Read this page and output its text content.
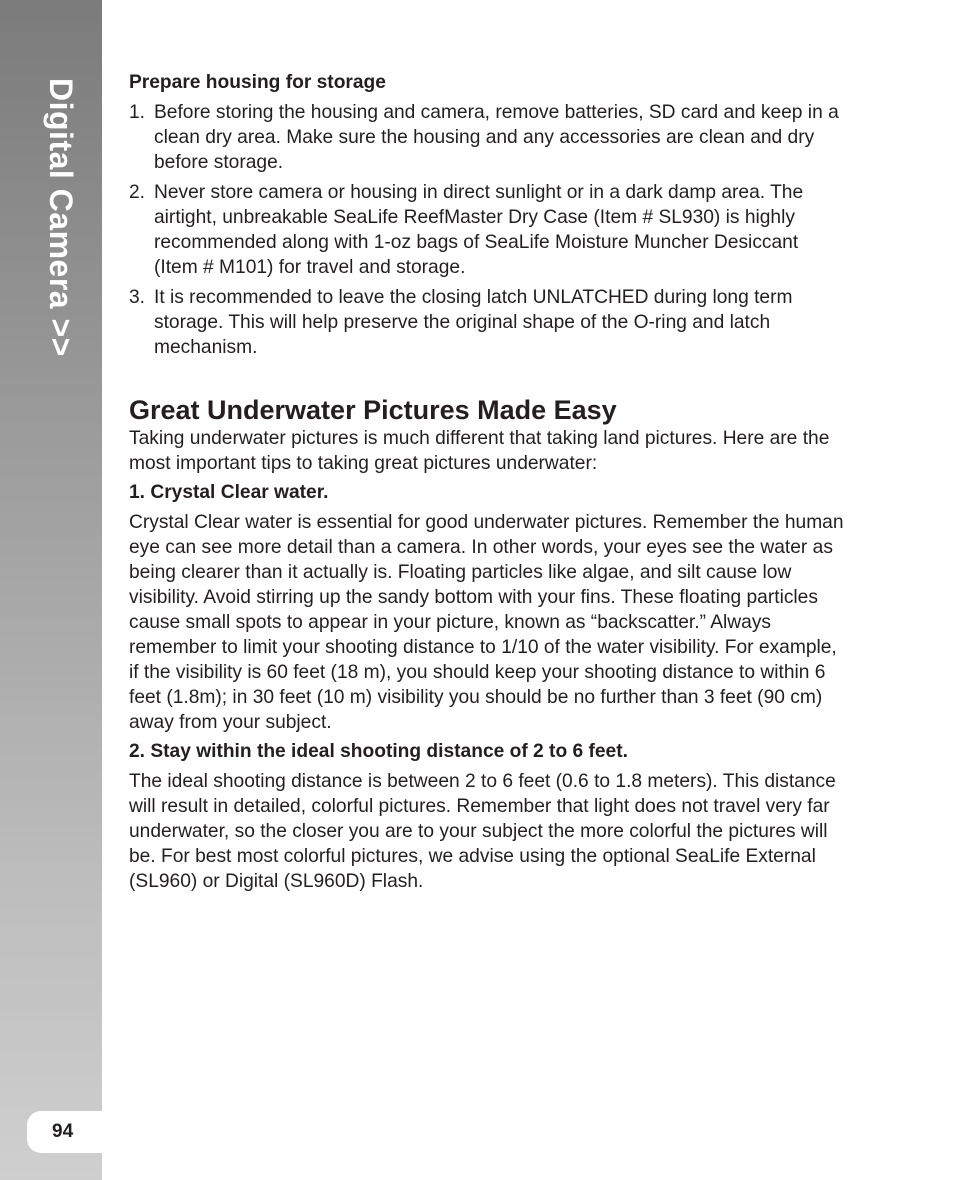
Digital Camera >>
94

Prepare housing for storage

1. Before storing the housing and camera, remove batteries, SD card and keep in a clean dry area. Make sure the housing and any accessories are clean and dry before storage.

2. Never store camera or housing in direct sunlight or in a dark damp area. The airtight, unbreakable SeaLife ReefMaster Dry Case (Item # SL930) is highly recommended along with 1-oz bags of SeaLife Moisture Muncher Desiccant (Item # M101) for travel and storage.

3. It is recommended to leave the closing latch UNLATCHED during long term storage. This will help preserve the original shape of the O-ring and latch mechanism.

Great Underwater Pictures Made Easy

Taking underwater pictures is much different that taking land pictures. Here are the most important tips to taking great pictures underwater:

1. Crystal Clear water.

Crystal Clear water is essential for good underwater pictures. Remember the human eye can see more detail than a camera. In other words, your eyes see the water as being clearer than it actually is. Floating particles like algae, and silt cause low visibility. Avoid stirring up the sandy bottom with your fins. These floating particles cause small spots to appear in your picture, known as “backscatter.” Always remember to limit your shooting distance to 1/10 of the water visibility. For example, if the visibility is 60 feet (18 m), you should keep your shooting distance to within 6 feet (1.8m); in 30 feet (10 m) visibility you should be no further than 3 feet (90 cm) away from your subject.

2. Stay within the ideal shooting distance of 2 to 6 feet.

The ideal shooting distance is between 2 to 6 feet (0.6 to 1.8 meters). This distance will result in detailed, colorful pictures. Remember that light does not travel very far underwater, so the closer you are to your subject the more colorful the pictures will be. For best most colorful pictures, we advise using the optional SeaLife External (SL960) or Digital (SL960D) Flash.
